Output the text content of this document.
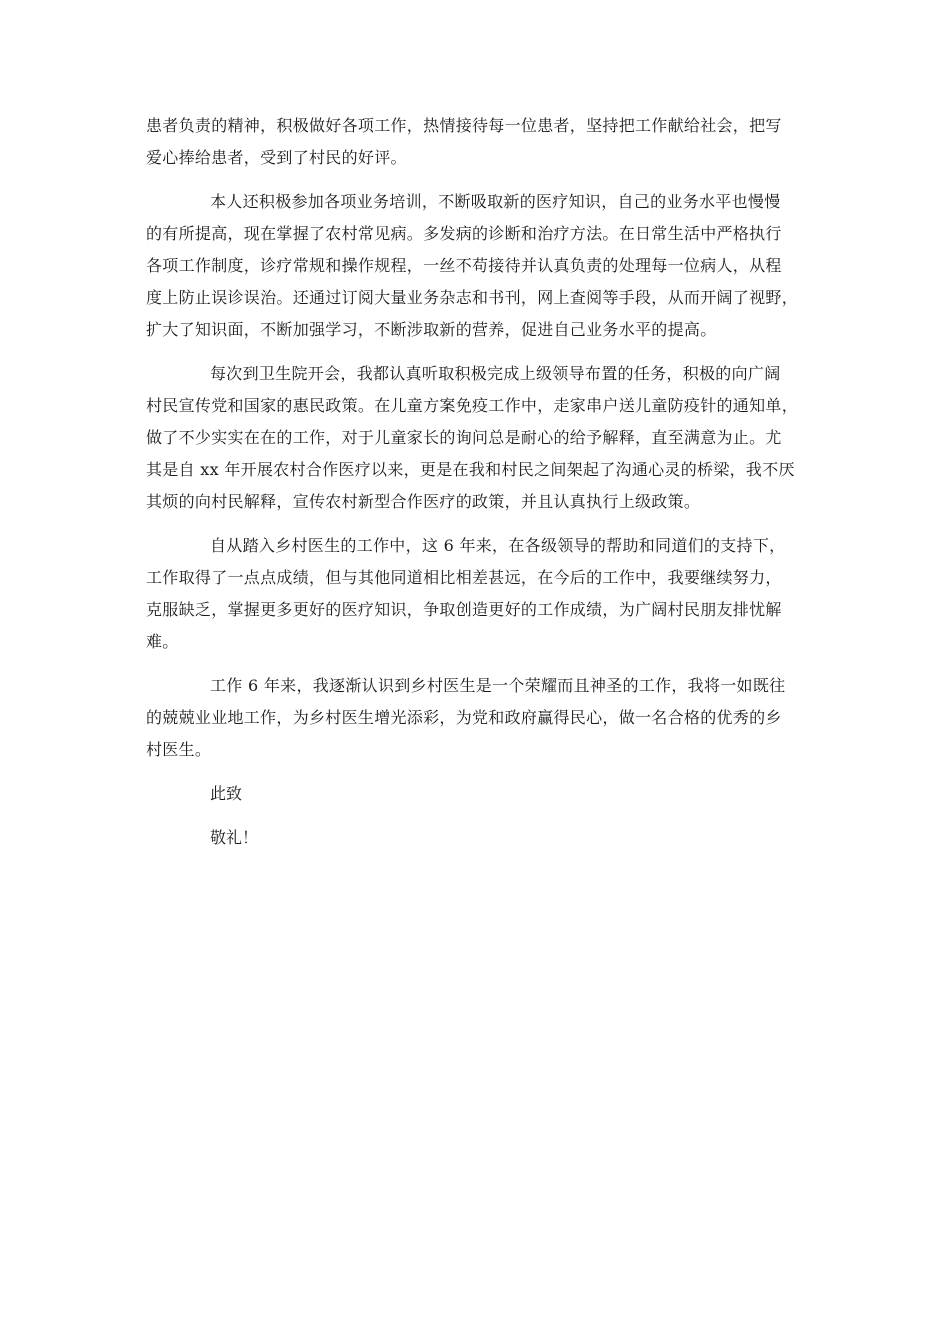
患者负责的精神，积极做好各项工作，热情接待每一位患者，坚持把工作献给社会，把写
爱心捧给患者，受到了村民的好评。
本人还积极参加各项业务培训，不断吸取新的医疗知识，自己的业务水平也慢慢
的有所提高，现在掌握了农村常见病。多发病的诊断和治疗方法。在日常生活中严格执行
各项工作制度，诊疗常规和操作规程，一丝不苟接待并认真负责的处理每一位病人，从程
度上防止误诊误治。还通过订阅大量业务杂志和书刊，网上查阅等手段，从而开阔了视野，
扩大了知识面，不断加强学习，不断涉取新的营养，促进自己业务水平的提高。
每次到卫生院开会，我都认真听取积极完成上级领导布置的任务，积极的向广阔
村民宣传党和国家的惠民政策。在儿童方案免疫工作中，走家串户送儿童防疫针的通知单，
做了不少实实在在的工作，对于儿童家长的询问总是耐心的给予解释，直至满意为止。尤
其是自 xx 年开展农村合作医疗以来，更是在我和村民之间架起了沟通心灵的桥梁，我不厌
其烦的向村民解释，宣传农村新型合作医疗的政策，并且认真执行上级政策。
自从踏入乡村医生的工作中，这 6 年来，在各级领导的帮助和同道们的支持下，
工作取得了一点点成绩，但与其他同道相比相差甚远，在今后的工作中，我要继续努力，
克服缺乏，掌握更多更好的医疗知识，争取创造更好的工作成绩，为广阔村民朋友排忧解
难。
工作 6 年来，我逐渐认识到乡村医生是一个荣耀而且神圣的工作，我将一如既往
的兢兢业业地工作，为乡村医生增光添彩，为党和政府赢得民心，做一名合格的优秀的乡
村医生。
此致
敬礼！
